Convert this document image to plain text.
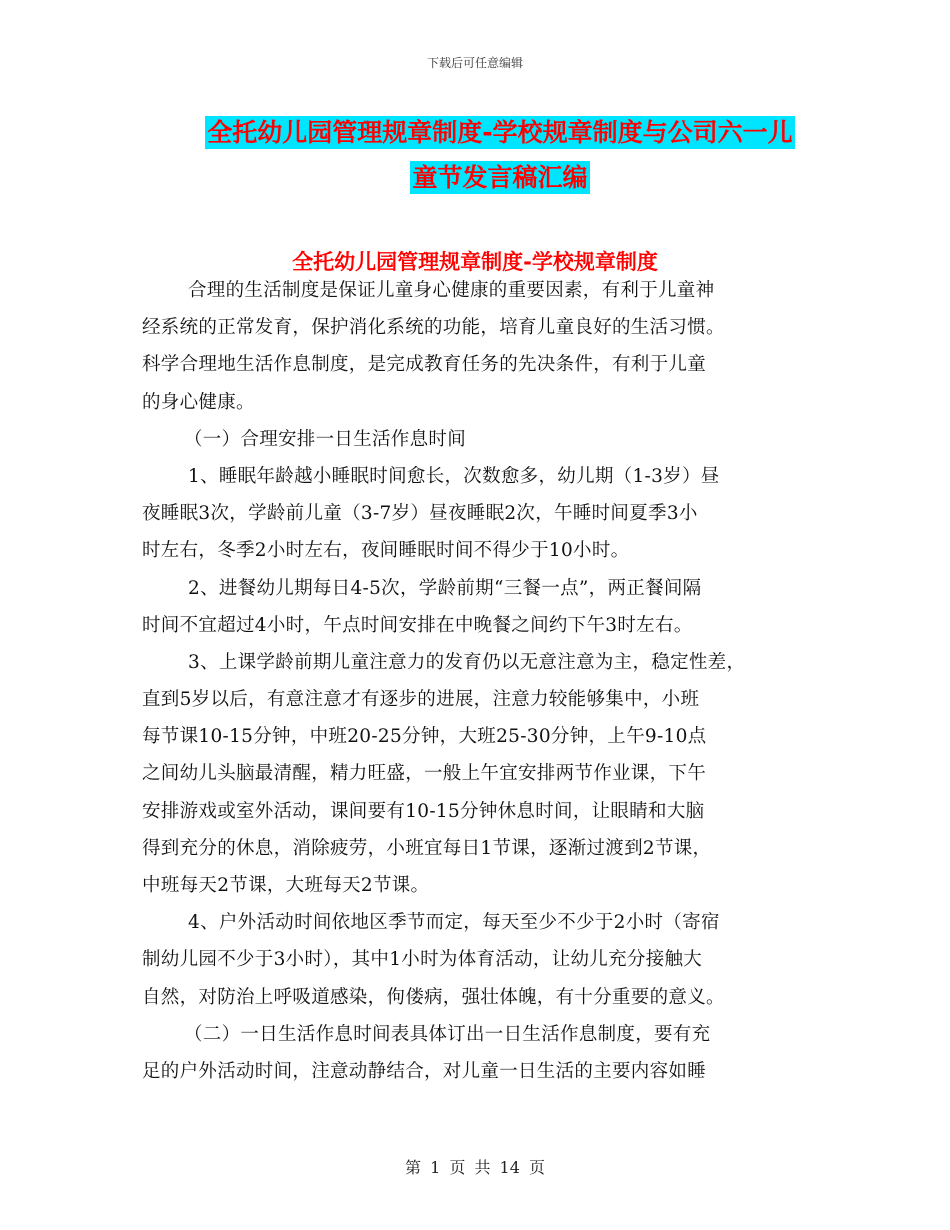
下载后可任意编辑
全托幼儿园管理规章制度-学校规章制度与公司六一儿
童节发言稿汇编
全托幼儿园管理规章制度-学校规章制度
合理的生活制度是保证儿童身心健康的重要因素，有利于儿童神
经系统的正常发育，保护消化系统的功能，培育儿童良好的生活习惯。
科学合理地生活作息制度，是完成教育任务的先决条件，有利于儿童
的身心健康。
（一）合理安排一日生活作息时间
1、睡眠年龄越小睡眠时间愈长，次数愈多，幼儿期（1-3岁）昼
夜睡眠3次，学龄前儿童（3-7岁）昼夜睡眠2次，午睡时间夏季3小
时左右，冬季2小时左右，夜间睡眠时间不得少于10小时。
2、进餐幼儿期每日4-5次，学龄前期“三餐一点”，两正餐间隔
时间不宜超过4小时，午点时间安排在中晚餐之间约下午3时左右。
3、上课学龄前期儿童注意力的发育仍以无意注意为主，稳定性差，
直到5岁以后，有意注意才有逐步的进展，注意力较能够集中，小班
每节课10-15分钟，中班20-25分钟，大班25-30分钟，上午9-10点
之间幼儿头脑最清醒，精力旺盛，一般上午宜安排两节作业课，下午
安排游戏或室外活动，课间要有10-15分钟休息时间，让眼睛和大脑
得到充分的休息，消除疲劳，小班宜每日1节课，逐渐过渡到2节课，
中班每天2节课，大班每天2节课。
4、户外活动时间依地区季节而定，每天至少不少于2小时（寄宿
制幼儿园不少于3小时），其中1小时为体育活动，让幼儿充分接触大
自然，对防治上呼吸道感染，佝偻病，强壮体魄，有十分重要的意义。
（二）一日生活作息时间表具体订出一日生活作息制度，要有充
足的户外活动时间，注意动静结合，对儿童一日生活的主要内容如睡
第 1 页 共 14 页
